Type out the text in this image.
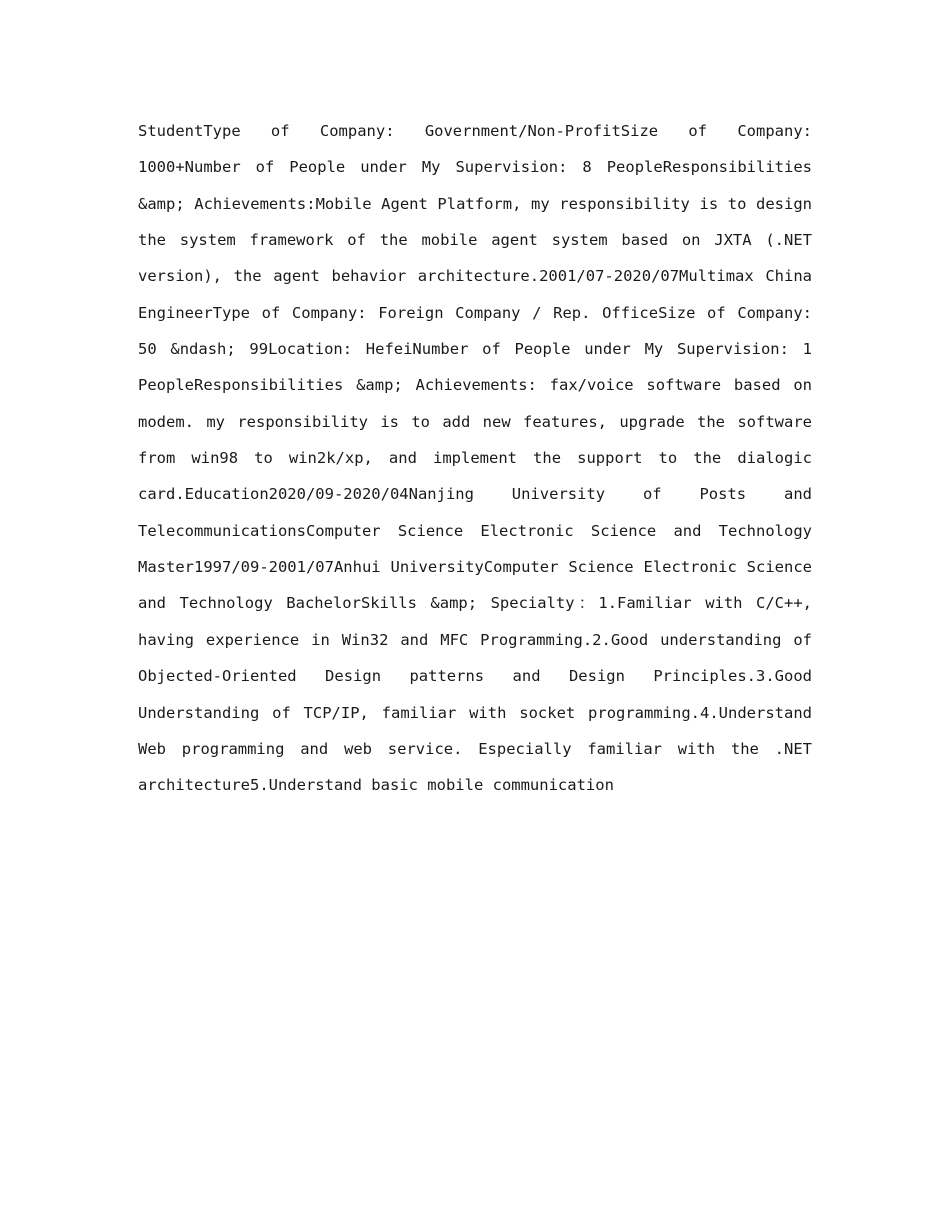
StudentType of Company: Government/Non-ProfitSize of Company:
1000+Number of People under My Supervision: 8 PeopleResponsibilities
&amp; Achievements:Mobile Agent Platform, my responsibility is to design
the system framework of the mobile agent system based on JXTA (.NET
version), the agent behavior architecture.2001/07-2020/07Multimax China
EngineerType of Company: Foreign Company / Rep. OfficeSize of Company:
50 &ndash; 99Location: HefeiNumber of People under My Supervision: 1
PeopleResponsibilities &amp; Achievements: fax/voice software based on
modem. my responsibility is to add new features, upgrade the software
from win98 to win2k/xp, and implement the support to the dialogic
card.Education2020/09-2020/04Nanjing University of Posts and
TelecommunicationsComputer Science Electronic Science and Technology
Master1997/09-2001/07Anhui UniversityComputer Science Electronic Science
and Technology BachelorSkills &amp; Specialty：1.Familiar with C/C++,
having experience in Win32 and MFC Programming.2.Good understanding of
Objected-Oriented Design patterns and Design Principles.3.Good
Understanding of TCP/IP, familiar with socket programming.4.Understand
Web programming and web service. Especially familiar with the .NET
architecture5.Understand basic mobile communication
